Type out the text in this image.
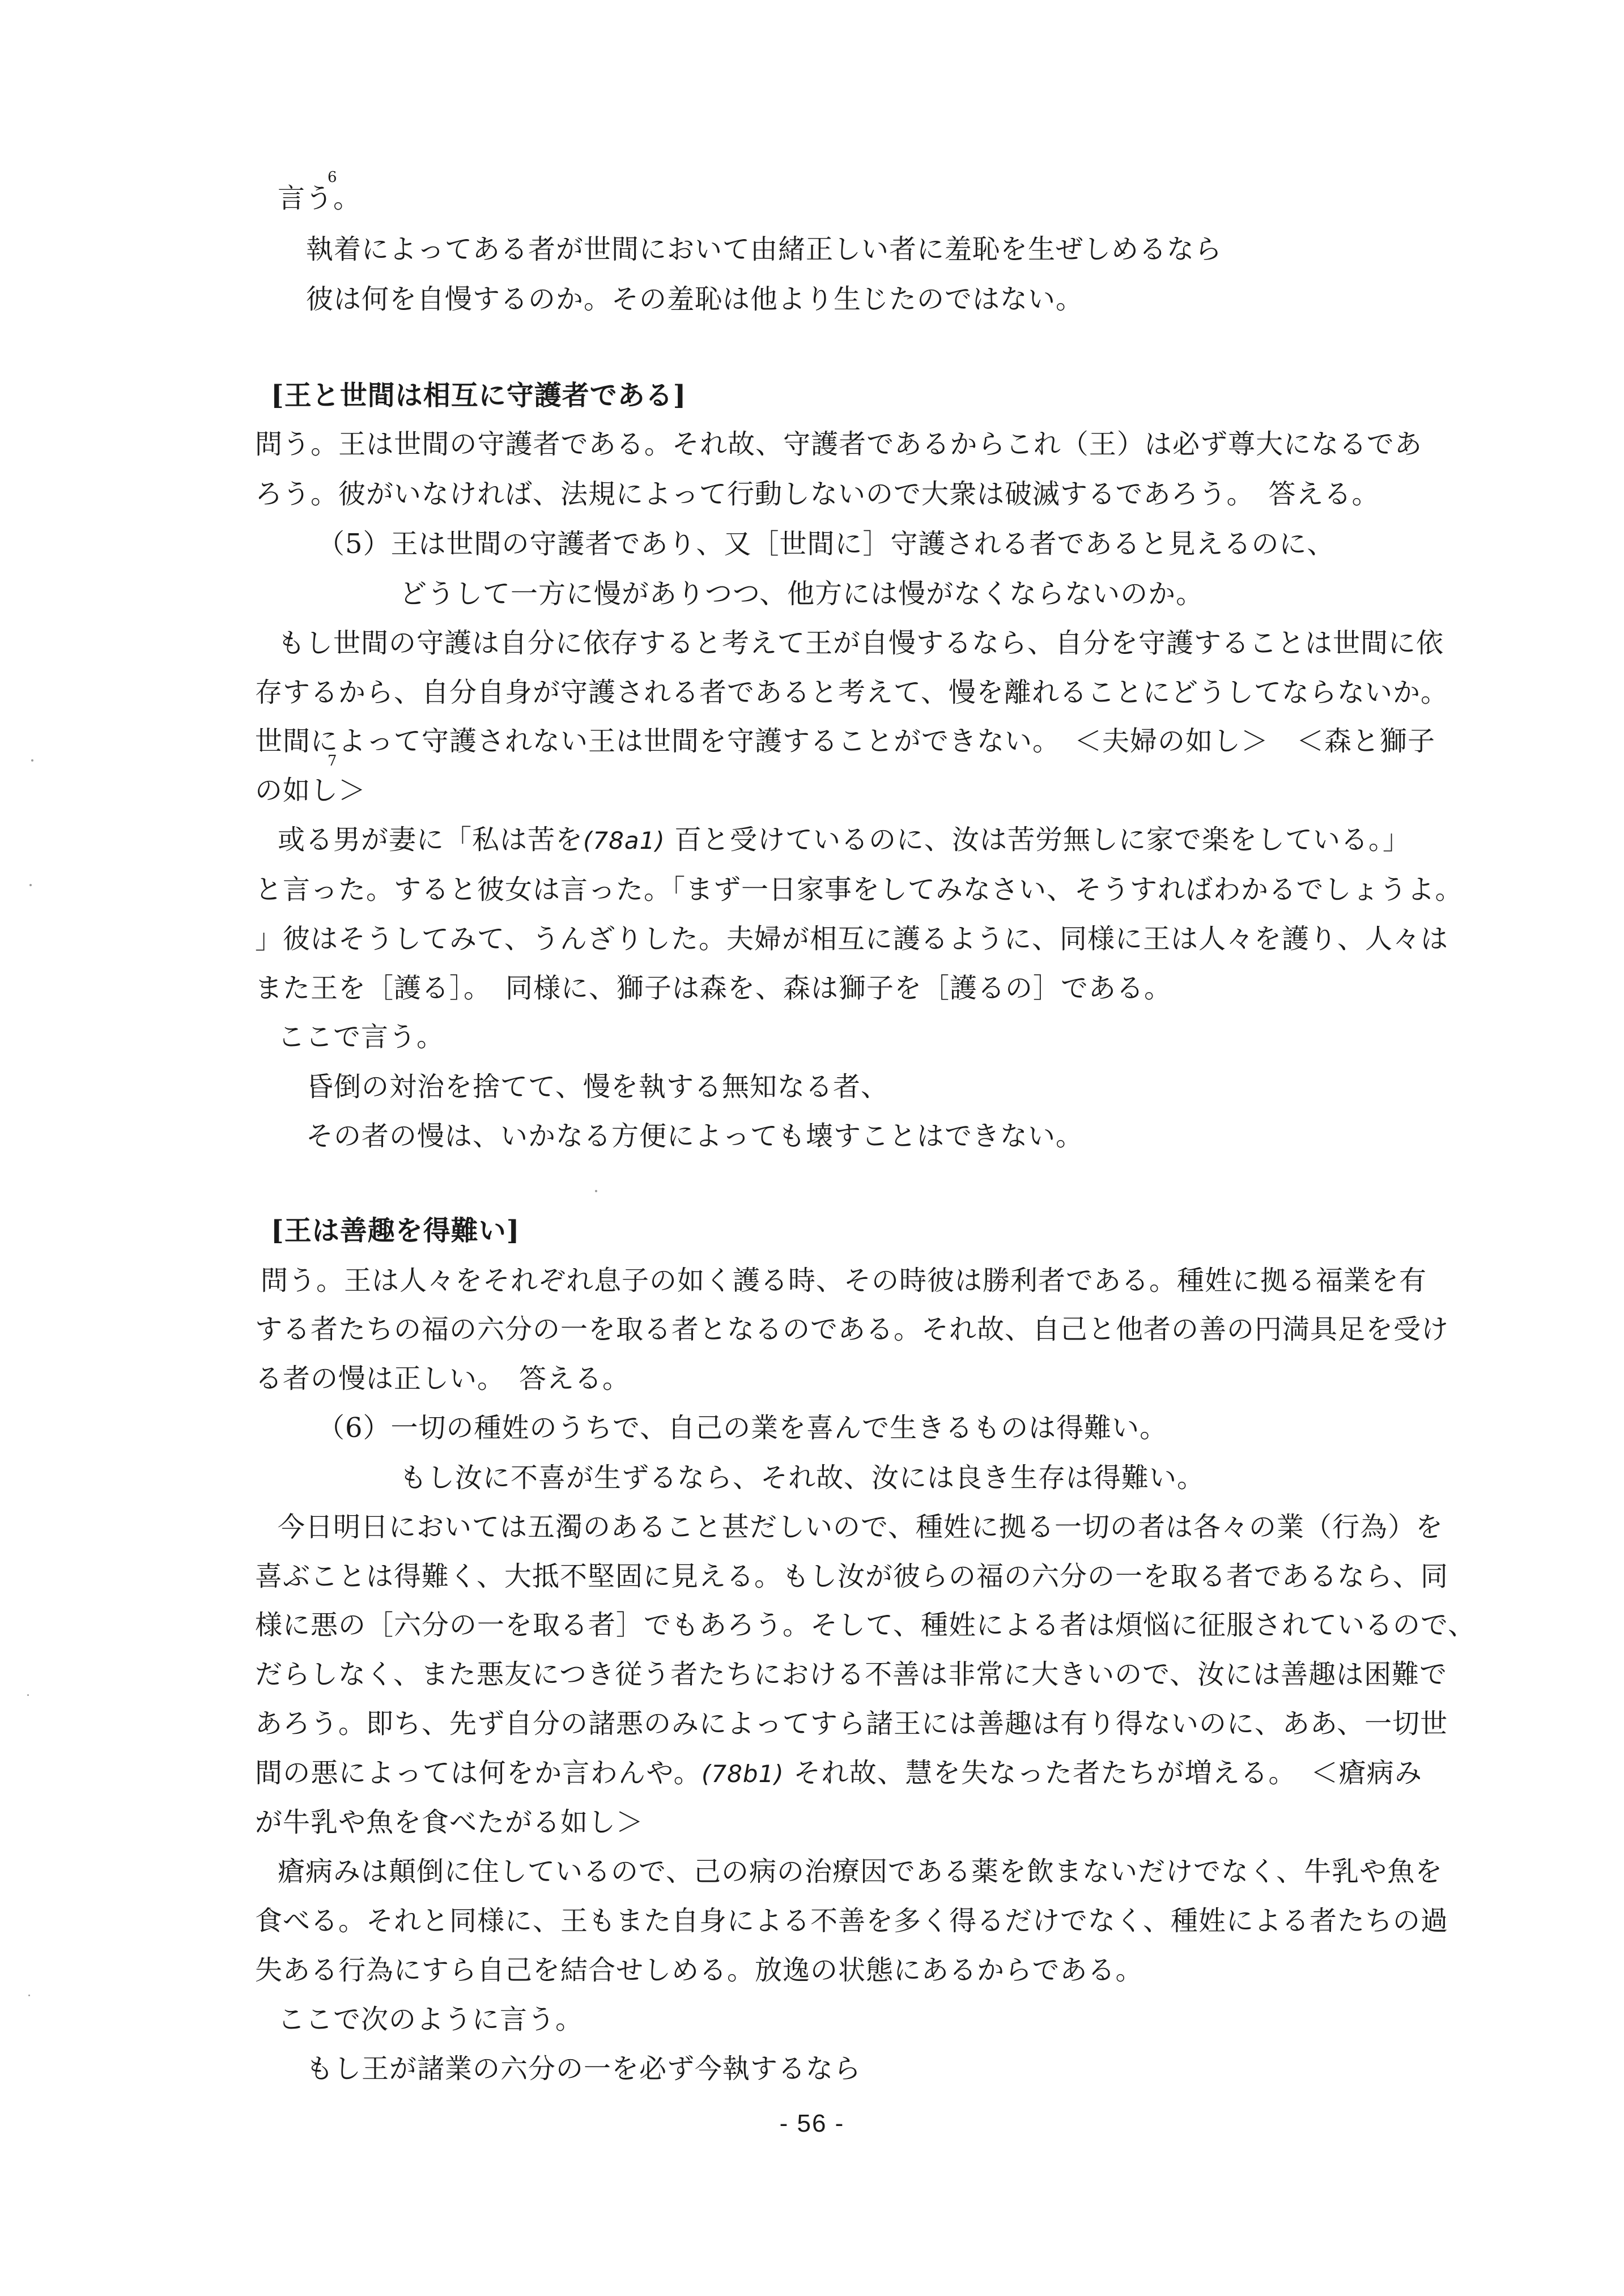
言う。

6

執着によってある者が世間において由緒正しい者に羞恥を生ぜしめるなら

彼は何を自慢するのか。その羞恥は他より生じたのではない。

[王と世間は相互に守護者である]

問う。王は世間の守護者である。それ故、守護者であるからこれ（王）は必ず尊大になるであ

ろう。彼がいなければ、法規によって行動しないので大衆は破滅するであろう。　答える。

（5）王は世間の守護者であり、又［世間に］守護される者であると見えるのに、

どうして一方に慢がありつつ、他方には慢がなくならないのか。

もし世間の守護は自分に依存すると考えて王が自慢するなら、自分を守護することは世間に依

存するから、自分自身が守護される者であると考えて、慢を離れることにどうしてならないか。

世間によって守護されない王は世間を守護することができない。　＜夫婦の如し＞　＜森と獅子

の如し＞

7

或る男が妻に「私は苦を(78a1) 百と受けているのに、汝は苦労無しに家で楽をしている。」

と言った。すると彼女は言った。「まず一日家事をしてみなさい、そうすればわかるでしょうよ。

」彼はそうしてみて、うんざりした。夫婦が相互に護るように、同様に王は人々を護り、人々は

また王を［護る］。　同様に、獅子は森を、森は獅子を［護るの］である。

ここで言う。

昏倒の対治を捨てて、慢を執する無知なる者、

その者の慢は、いかなる方便によっても壊すことはできない。

[王は善趣を得難い]

問う。王は人々をそれぞれ息子の如く護る時、その時彼は勝利者である。種姓に拠る福業を有

する者たちの福の六分の一を取る者となるのである。それ故、自己と他者の善の円満具足を受け

る者の慢は正しい。　答える。

（6）一切の種姓のうちで、自己の業を喜んで生きるものは得難い。

もし汝に不喜が生ずるなら、それ故、汝には良き生存は得難い。

今日明日においては五濁のあること甚だしいので、種姓に拠る一切の者は各々の業（行為）を

喜ぶことは得難く、大抵不堅固に見える。もし汝が彼らの福の六分の一を取る者であるなら、同

様に悪の［六分の一を取る者］でもあろう。そして、種姓による者は煩悩に征服されているので、

だらしなく、また悪友につき従う者たちにおける不善は非常に大きいので、汝には善趣は困難で

あろう。即ち、先ず自分の諸悪のみによってすら諸王には善趣は有り得ないのに、ああ、一切世

間の悪によっては何をか言わんや。(78b1) それ故、慧を失なった者たちが増える。　＜瘡病み

が牛乳や魚を食べたがる如し＞

瘡病みは顛倒に住しているので、己の病の治療因である薬を飲まないだけでなく、牛乳や魚を

食べる。それと同様に、王もまた自身による不善を多く得るだけでなく、種姓による者たちの過

失ある行為にすら自己を結合せしめる。放逸の状態にあるからである。

ここで次のように言う。

もし王が諸業の六分の一を必ず今執するなら

- 56 -
